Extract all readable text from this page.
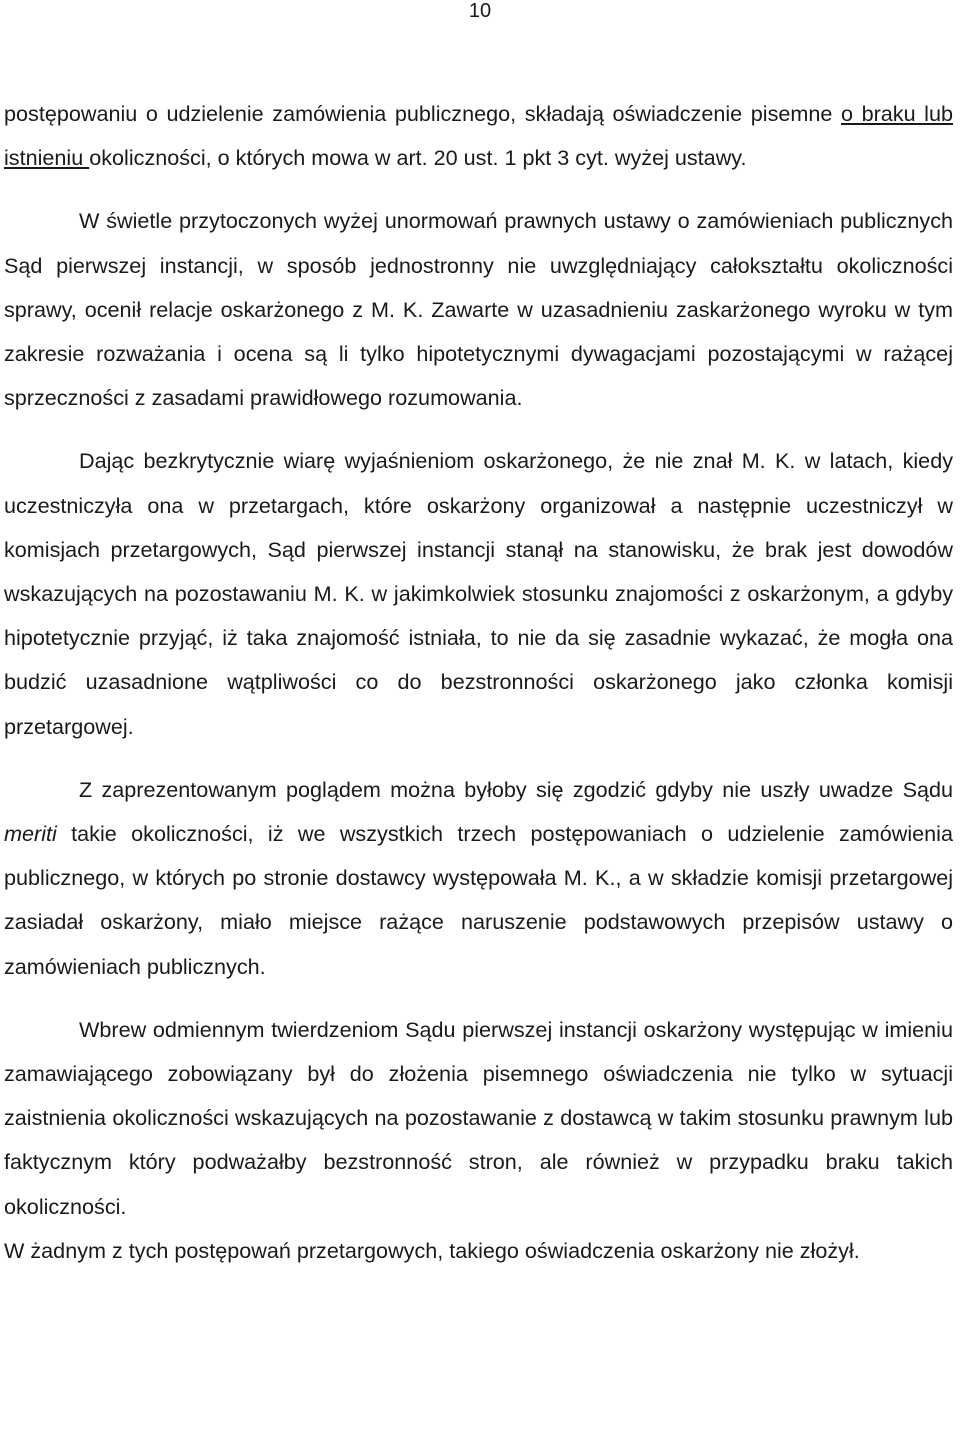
10

postępowaniu o udzielenie zamówienia publicznego, składają oświadczenie pisemne o braku lub istnieniu okoliczności, o których mowa w art. 20 ust. 1 pkt 3 cyt. wyżej ustawy.

W świetle przytoczonych wyżej unormowań prawnych ustawy o zamówieniach publicznych Sąd pierwszej instancji, w sposób jednostronny nie uwzględniający całokształtu okoliczności sprawy, ocenił relacje oskarżonego z M. K. Zawarte w uzasadnieniu zaskarżonego wyroku w tym zakresie rozważania i ocena są li tylko hipotetycznymi dywagacjami pozostającymi w rażącej sprzeczności z zasadami prawidłowego rozumowania.

Dając bezkrytycznie wiarę wyjaśnieniom oskarżonego, że nie znał M. K. w latach, kiedy uczestniczyła ona w przetargach, które oskarżony organizował a następnie uczestniczył w komisjach przetargowych, Sąd pierwszej instancji stanął na stanowisku, że brak jest dowodów wskazujących na pozostawaniu M. K. w jakimkolwiek stosunku znajomości z oskarżonym, a gdyby hipotetycznie przyjąć, iż taka znajomość istniała, to nie da się zasadnie wykazać, że mogła ona budzić uzasadnione wątpliwości co do bezstronności oskarżonego jako członka komisji przetargowej.

Z zaprezentowanym poglądem można byłoby się zgodzić gdyby nie uszły uwadze Sądu meriti takie okoliczności, iż we wszystkich trzech postępowaniach o udzielenie zamówienia publicznego, w których po stronie dostawcy występowała M. K., a w składzie komisji przetargowej zasiadał oskarżony, miało miejsce rażące naruszenie podstawowych przepisów ustawy o zamówieniach publicznych.

Wbrew odmiennym twierdzeniom Sądu pierwszej instancji oskarżony występując w imieniu zamawiającego zobowiązany był do złożenia pisemnego oświadczenia nie tylko w sytuacji zaistnienia okoliczności wskazujących na pozostawanie z dostawcą w takim stosunku prawnym lub faktycznym który podważałby bezstronność stron, ale również w przypadku braku takich okoliczności.

W żadnym z tych postępowań przetargowych, takiego oświadczenia oskarżony nie złożył.
